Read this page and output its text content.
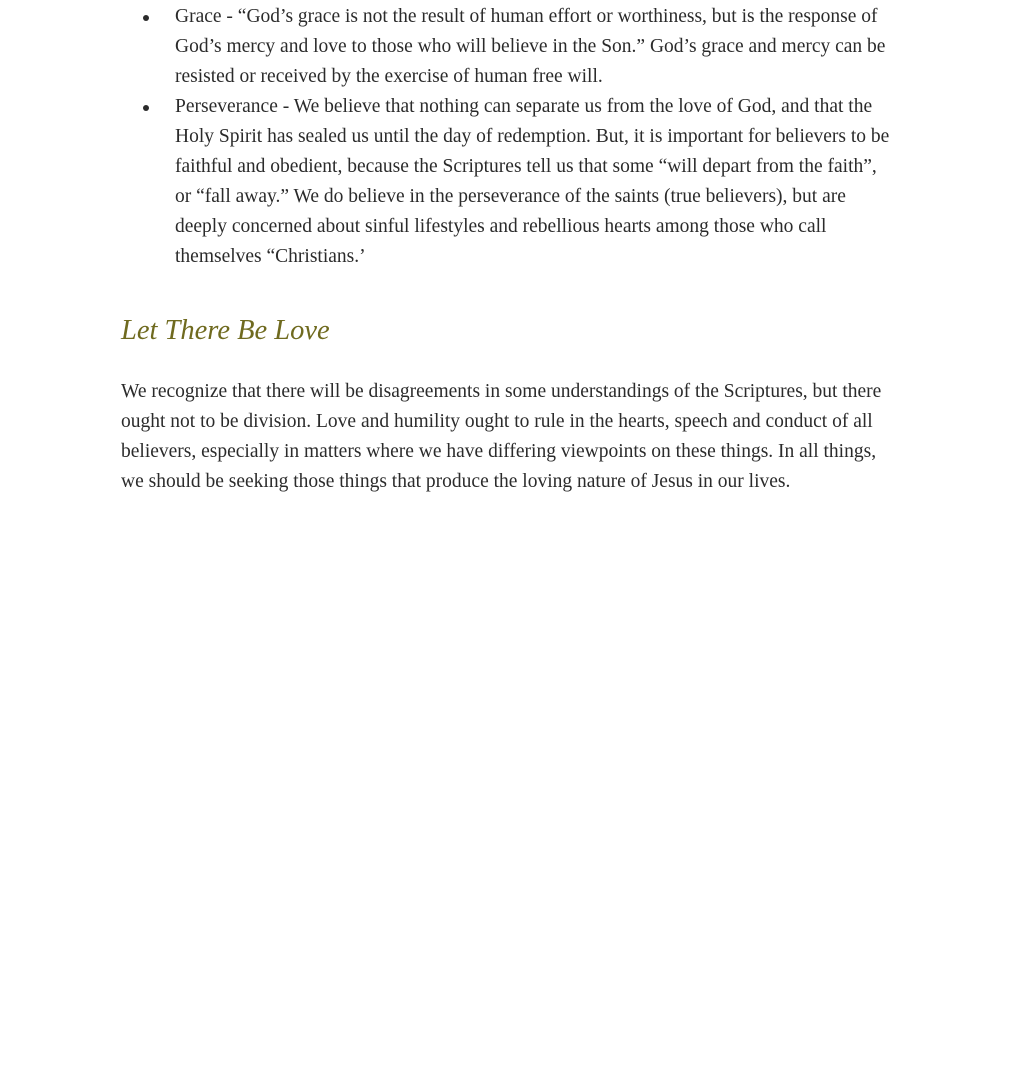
Grace - “God’s grace is not the result of human effort or worthiness, but is the response of God’s mercy and love to those who will believe in the Son.” God’s grace and mercy can be resisted or received by the exercise of human free will.
Perseverance - We believe that nothing can separate us from the love of God, and that the Holy Spirit has sealed us until the day of redemption. But, it is important for believers to be faithful and obedient, because the Scriptures tell us that some “will depart from the faith”, or “fall away.” We do believe in the perseverance of the saints (true believers), but are deeply concerned about sinful lifestyles and rebellious hearts among those who call themselves “Christians.’
Let There Be Love

We recognize that there will be disagreements in some understandings of the Scriptures, but there ought not to be division. Love and humility ought to rule in the hearts, speech and conduct of all believers, especially in matters where we have differing viewpoints on these things. In all things, we should be seeking those things that produce the loving nature of Jesus in our lives.
